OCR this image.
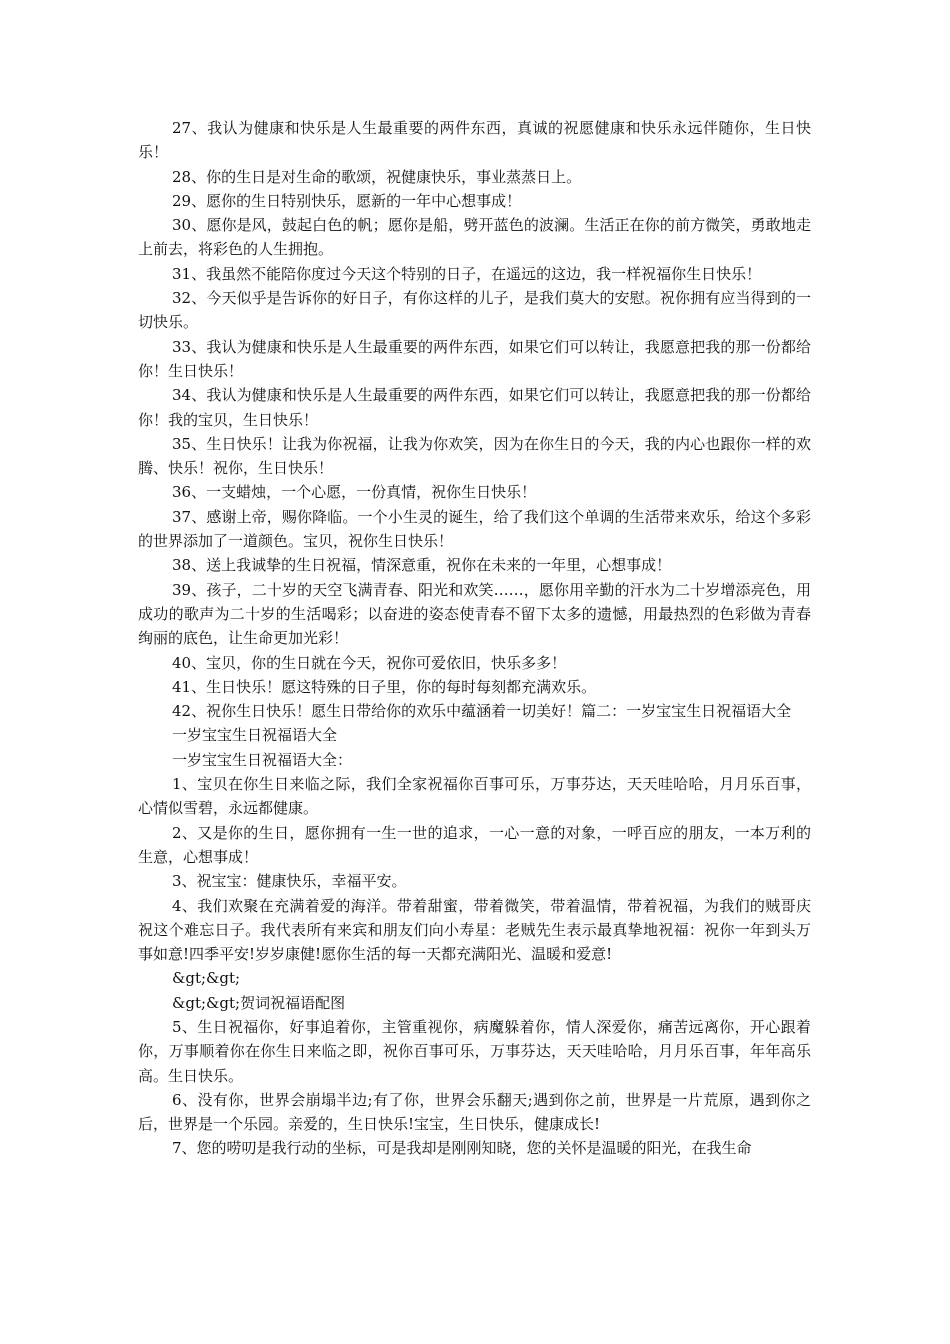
27、我认为健康和快乐是人生最重要的两件东西，真诚的祝愿健康和快乐永远伴随你，生日快乐！

28、你的生日是对生命的歌颂，祝健康快乐，事业蒸蒸日上。

29、愿你的生日特别快乐，愿新的一年中心想事成！

30、愿你是风，鼓起白色的帆；愿你是船，劈开蓝色的波澜。生活正在你的前方微笑，勇敢地走上前去，将彩色的人生拥抱。

31、我虽然不能陪你度过今天这个特别的日子，在遥远的这边，我一样祝福你生日快乐！

32、今天似乎是告诉你的好日子，有你这样的儿子，是我们莫大的安慰。祝你拥有应当得到的一切快乐。

33、我认为健康和快乐是人生最重要的两件东西，如果它们可以转让，我愿意把我的那一份都给你！生日快乐！

34、我认为健康和快乐是人生最重要的两件东西，如果它们可以转让，我愿意把我的那一份都给你！我的宝贝，生日快乐！

35、生日快乐！让我为你祝福，让我为你欢笑，因为在你生日的今天，我的内心也跟你一样的欢腾、快乐！祝你，生日快乐！

36、一支蜡烛，一个心愿，一份真情，祝你生日快乐！

37、感谢上帝，赐你降临。一个小生灵的诞生，给了我们这个单调的生活带来欢乐，给这个多彩的世界添加了一道颜色。宝贝，祝你生日快乐！

38、送上我诚挚的生日祝福，情深意重，祝你在未来的一年里，心想事成！

39、孩子，二十岁的天空飞满青春、阳光和欢笑……，愿你用辛勤的汗水为二十岁增添亮色，用成功的歌声为二十岁的生活喝彩；以奋进的姿态使青春不留下太多的遗憾，用最热烈的色彩做为青春绚丽的底色，让生命更加光彩！

40、宝贝，你的生日就在今天，祝你可爱依旧，快乐多多！

41、生日快乐！愿这特殊的日子里，你的每时每刻都充满欢乐。

42、祝你生日快乐！愿生日带给你的欢乐中蕴涵着一切美好！篇二：一岁宝宝生日祝福语大全

一岁宝宝生日祝福语大全

一岁宝宝生日祝福语大全：

1、宝贝在你生日来临之际，我们全家祝福你百事可乐，万事芬达，天天哇哈哈，月月乐百事，心情似雪碧，永远都健康。

2、又是你的生日，愿你拥有一生一世的追求，一心一意的对象，一呼百应的朋友，一本万利的生意，心想事成！

3、祝宝宝：健康快乐，幸福平安。

4、我们欢聚在充满着爱的海洋。带着甜蜜，带着微笑，带着温情，带着祝福，为我们的贼哥庆祝这个难忘日子。我代表所有来宾和朋友们向小寿星：老贼先生表示最真挚地祝福：祝你一年到头万事如意!四季平安!岁岁康健!愿你生活的每一天都充满阳光、温暖和爱意!

&gt;&gt;

&gt;&gt;贺词祝福语配图

5、生日祝福你，好事追着你，主管重视你，病魔躲着你，情人深爱你，痛苦远离你，开心跟着你，万事顺着你在你生日来临之即，祝你百事可乐，万事芬达，天天哇哈哈，月月乐百事，年年高乐高。生日快乐。

6、没有你，世界会崩塌半边;有了你，世界会乐翻天;遇到你之前，世界是一片荒原，遇到你之后，世界是一个乐园。亲爱的，生日快乐!宝宝，生日快乐，健康成长!

7、您的唠叨是我行动的坐标，可是我却是刚刚知晓，您的关怀是温暖的阳光，在我生命
